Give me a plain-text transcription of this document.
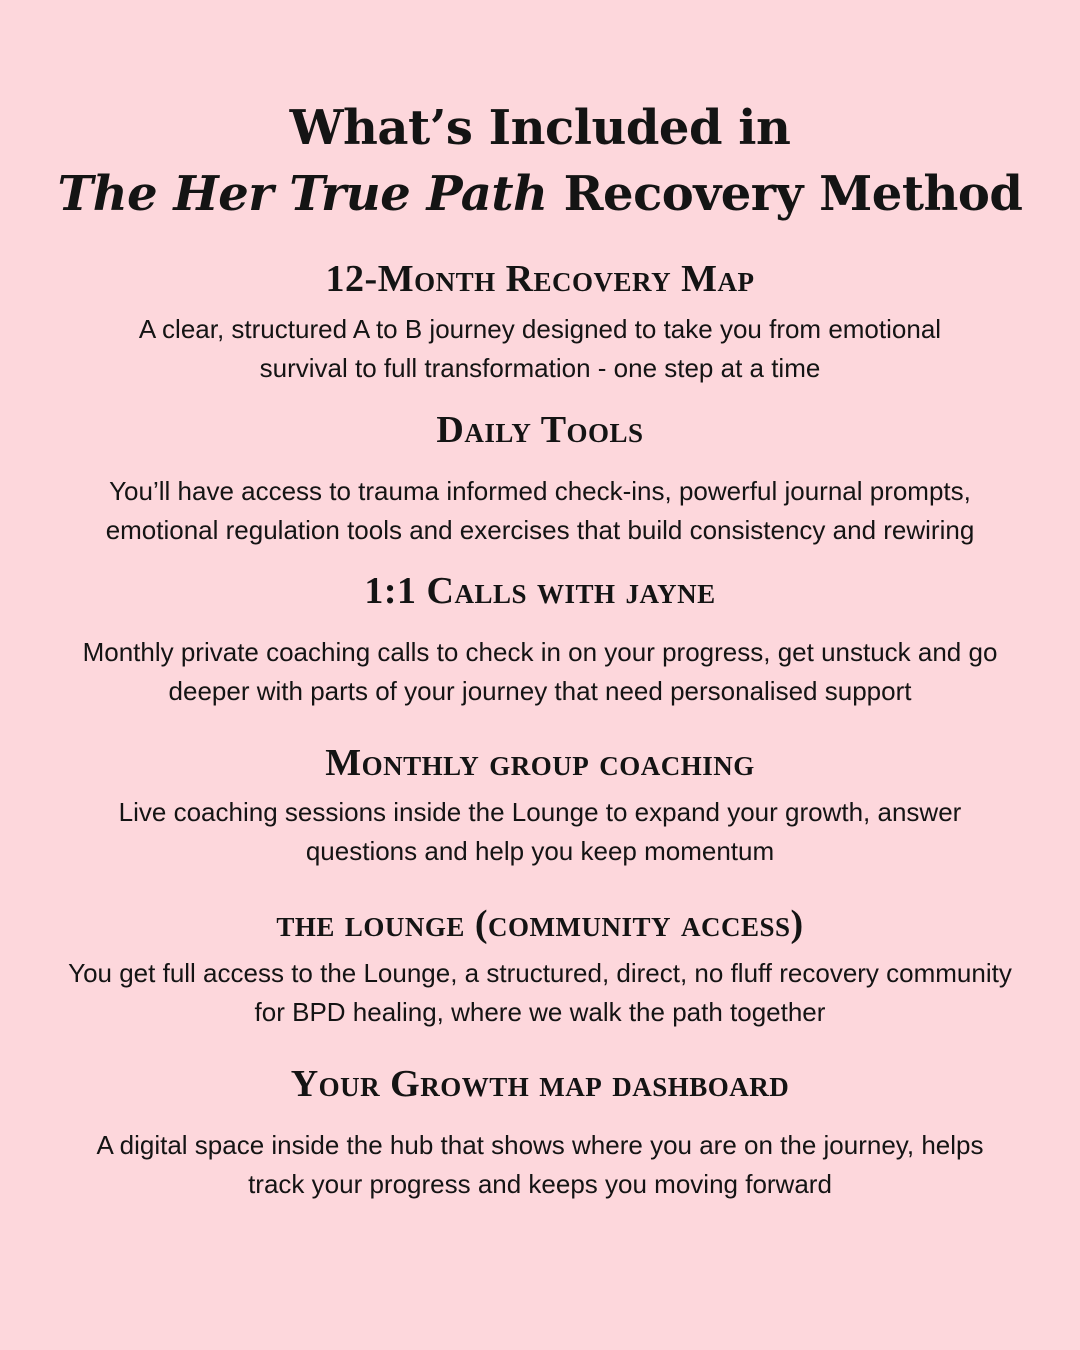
What’s Included in
The Her True Path Recovery Method
12-Month Recovery Map

A clear, structured A to B journey designed to take you from emotional
survival to full transformation - one step at a time

Daily Tools

You’ll have access to trauma informed check-ins, powerful journal prompts,
emotional regulation tools and exercises that build consistency and rewiring

1:1 Calls with jayne

Monthly private coaching calls to check in on your progress, get unstuck and go
deeper with parts of your journey that need personalised support

Monthly group coaching

Live coaching sessions inside the Lounge to expand your growth, answer
questions and help you keep momentum

the lounge (community access)

You get full access to the Lounge, a structured, direct, no fluff recovery community
for BPD healing, where we walk the path together

Your Growth map dashboard

A digital space inside the hub that shows where you are on the journey, helps
track your progress and keeps you moving forward
